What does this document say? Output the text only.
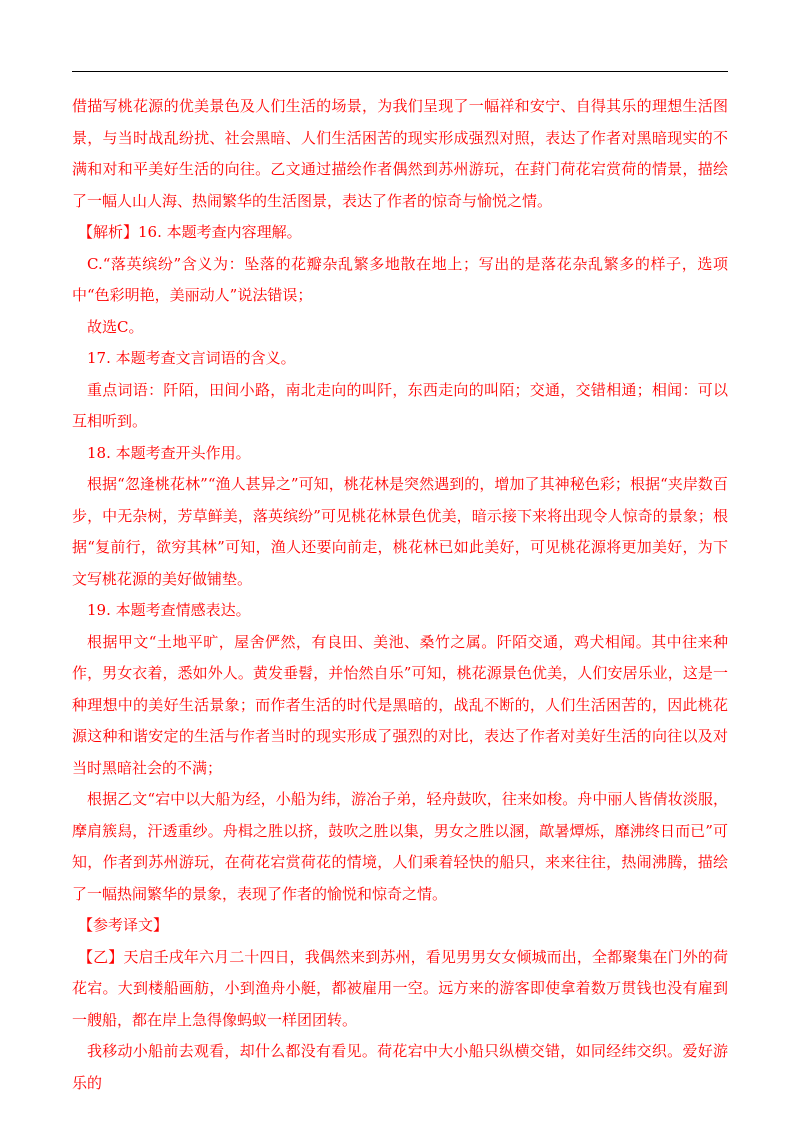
借描写桃花源的优美景色及人们生活的场景，为我们呈现了一幅祥和安宁、自得其乐的理想生活图景，与当时战乱纷扰、社会黑暗、人们生活困苦的现实形成强烈对照，表达了作者对黑暗现实的不满和对和平美好生活的向往。乙文通过描绘作者偶然到苏州游玩，在葑门荷花宕赏荷的情景，描绘了一幅人山人海、热闹繁华的生活图景，表达了作者的惊奇与愉悦之情。

【解析】16. 本题考查内容理解。

C.“落英缤纷”含义为：坠落的花瓣杂乱繁多地散在地上；写出的是落花杂乱繁多的样子，选项中“色彩明艳，美丽动人”说法错误；

故选C。

17. 本题考查文言词语的含义。

重点词语：阡陌，田间小路，南北走向的叫阡，东西走向的叫陌；交通，交错相通；相闻：可以互相听到。

18. 本题考查开头作用。

根据“忽逢桃花林”“渔人甚异之”可知，桃花林是突然遇到的，增加了其神秘色彩；根据“夹岸数百步，中无杂树，芳草鲜美，落英缤纷”可见桃花林景色优美，暗示接下来将出现令人惊奇的景象；根据“复前行，欲穷其林”可知，渔人还要向前走，桃花林已如此美好，可见桃花源将更加美好，为下文写桃花源的美好做铺垫。

19. 本题考查情感表达。

根据甲文“土地平旷，屋舍俨然，有良田、美池、桑竹之属。阡陌交通，鸡犬相闻。其中往来种作，男女衣着，悉如外人。黄发垂髫，并怡然自乐”可知，桃花源景色优美，人们安居乐业，这是一种理想中的美好生活景象；而作者生活的时代是黑暗的，战乱不断的，人们生活困苦的，因此桃花源这种和谐安定的生活与作者当时的现实形成了强烈的对比，表达了作者对美好生活的向往以及对当时黑暗社会的不满；

根据乙文“宕中以大船为经，小船为纬，游冶子弟，轻舟鼓吹，往来如梭。舟中丽人皆倩妆淡服，摩肩簇舄，汗透重纱。舟楫之胜以挤，鼓吹之胜以集，男女之胜以溷，歊暑燂烁，靡沸终日而已”可知，作者到苏州游玩，在荷花宕赏荷花的情境，人们乘着轻快的船只，来来往往，热闹沸腾，描绘了一幅热闹繁华的景象，表现了作者的愉悦和惊奇之情。

【参考译文】

【乙】天启壬戌年六月二十四日，我偶然来到苏州，看见男男女女倾城而出，全都聚集在门外的荷花宕。大到楼船画舫，小到渔舟小艇，都被雇用一空。远方来的游客即使拿着数万贯钱也没有雇到一艘船，都在岸上急得像蚂蚁一样团团转。

我移动小船前去观看，却什么都没有看见。荷花宕中大小船只纵横交错，如同经纬交织。爱好游乐的
